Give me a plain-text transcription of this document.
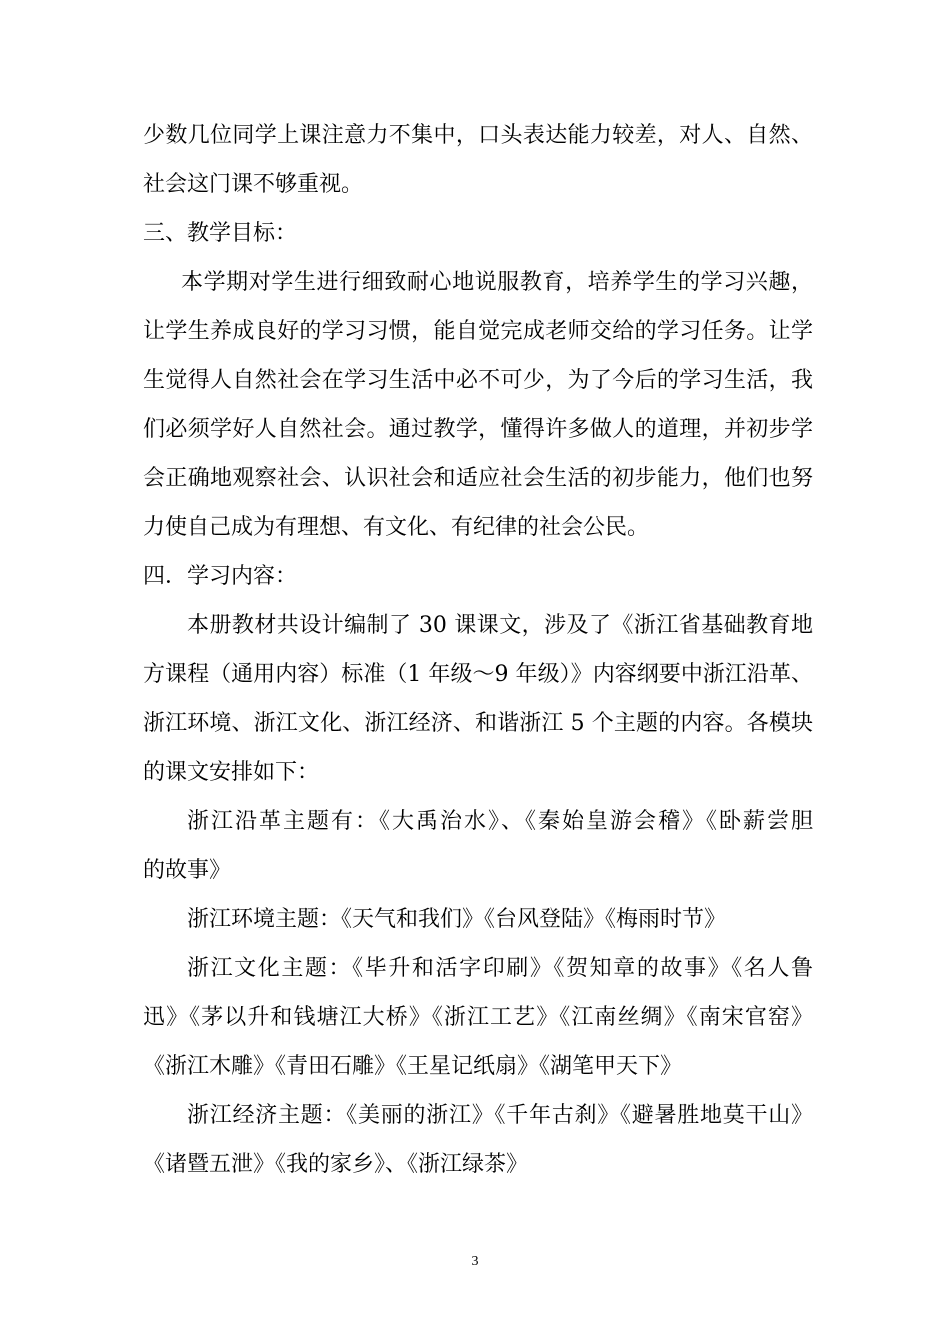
少数几位同学上课注意力不集中，口头表达能力较差，对人、自然、
社会这门课不够重视。
三、教学目标：
本学期对学生进行细致耐心地说服教育，培养学生的学习兴趣，
让学生养成良好的学习习惯，能自觉完成老师交给的学习任务。让学
生觉得人自然社会在学习生活中必不可少，为了今后的学习生活，我
们必须学好人自然社会。通过教学，懂得许多做人的道理，并初步学
会正确地观察社会、认识社会和适应社会生活的初步能力，他们也努
力使自己成为有理想、有文化、有纪律的社会公民。
四．学习内容：
本册教材共设计编制了 30 课课文，涉及了《浙江省基础教育地
方课程（通用内容）标准（1 年级～9 年级）》内容纲要中浙江沿革、
浙江环境、浙江文化、浙江经济、和谐浙江 5 个主题的内容。各模块
的课文安排如下：
浙江沿革主题有：《大禹治水》、《秦始皇游会稽》《卧薪尝胆
的故事》
浙江环境主题：《天气和我们》《台风登陆》《梅雨时节》
浙江文化主题：《毕升和活字印刷》《贺知章的故事》《名人鲁
迅》《茅以升和钱塘江大桥》《浙江工艺》《江南丝绸》《南宋官窑》
《浙江木雕》《青田石雕》《王星记纸扇》《湖笔甲天下》
浙江经济主题：《美丽的浙江》《千年古刹》《避暑胜地莫干山》
《诸暨五泄》《我的家乡》、《浙江绿茶》
3
